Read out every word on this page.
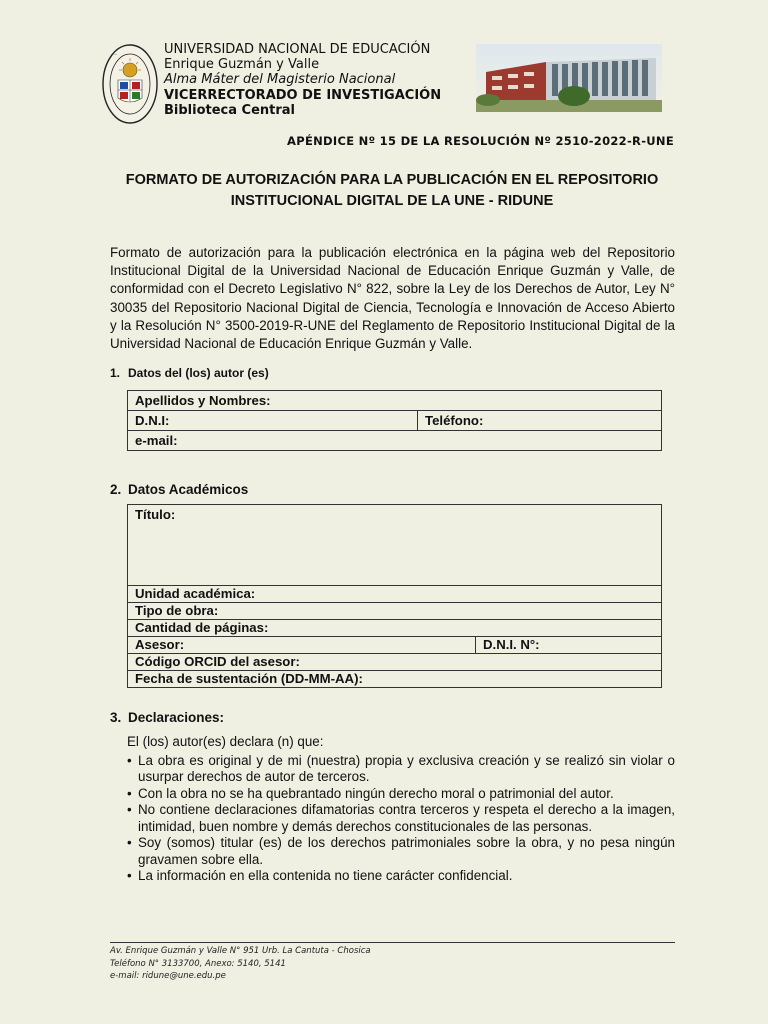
·····	UNIVERSIDAD NACIONAL DE EDUCACIÓN
Enrique Guzmán y Valle
Alma Máter del Magisterio Nacional
VICERRECTORADO DE INVESTIGACIÓN
Biblioteca Central
APÉNDICE Nº 15 DE LA RESOLUCIÓN Nº 2510-2022-R-UNE
FORMATO DE AUTORIZACIÓN PARA LA PUBLICACIÓN EN EL REPOSITORIO
INSTITUCIONAL DIGITAL DE LA UNE - RIDUNE
Formato de autorización para la publicación electrónica en la página web del Repositorio Institucional Digital de la Universidad Nacional de Educación Enrique Guzmán y Valle, de conformidad con el Decreto Legislativo N° 822, sobre la Ley de los Derechos de Autor, Ley N° 30035 del Repositorio Nacional Digital de Ciencia, Tecnología e Innovación de Acceso Abierto y la Resolución N° 3500-2019-R-UNE del Reglamento de Repositorio Institucional Digital de la Universidad Nacional de Educación Enrique Guzmán y Valle.
1. Datos del (los) autor (es)
Apellidos y Nombres:
D.N.I:	Teléfono:
e-mail:
2. Datos Académicos
Título:
Unidad académica:
Tipo de obra:
Cantidad de páginas:
Asesor:	D.N.I. N°:
Código ORCID del asesor:
Fecha de sustentación (DD-MM-AA):
3. Declaraciones:
El (los) autor(es) declara (n) que:
• La obra es original y de mi (nuestra) propia y exclusiva creación y se realizó sin violar o usurpar derechos de autor de terceros.
• Con la obra no se ha quebrantado ningún derecho moral o patrimonial del autor.
• No contiene declaraciones difamatorias contra terceros y respeta el derecho a la imagen, intimidad, buen nombre y demás derechos constitucionales de las personas.
• Soy (somos) titular (es) de los derechos patrimoniales sobre la obra, y no pesa ningún gravamen sobre ella.
• La información en ella contenida no tiene carácter confidencial.
Av. Enrique Guzmán y Valle N° 951 Urb. La Cantuta - Chosica
Teléfono N° 3133700, Anexo: 5140, 5141
e-mail: ridune@une.edu.pe
